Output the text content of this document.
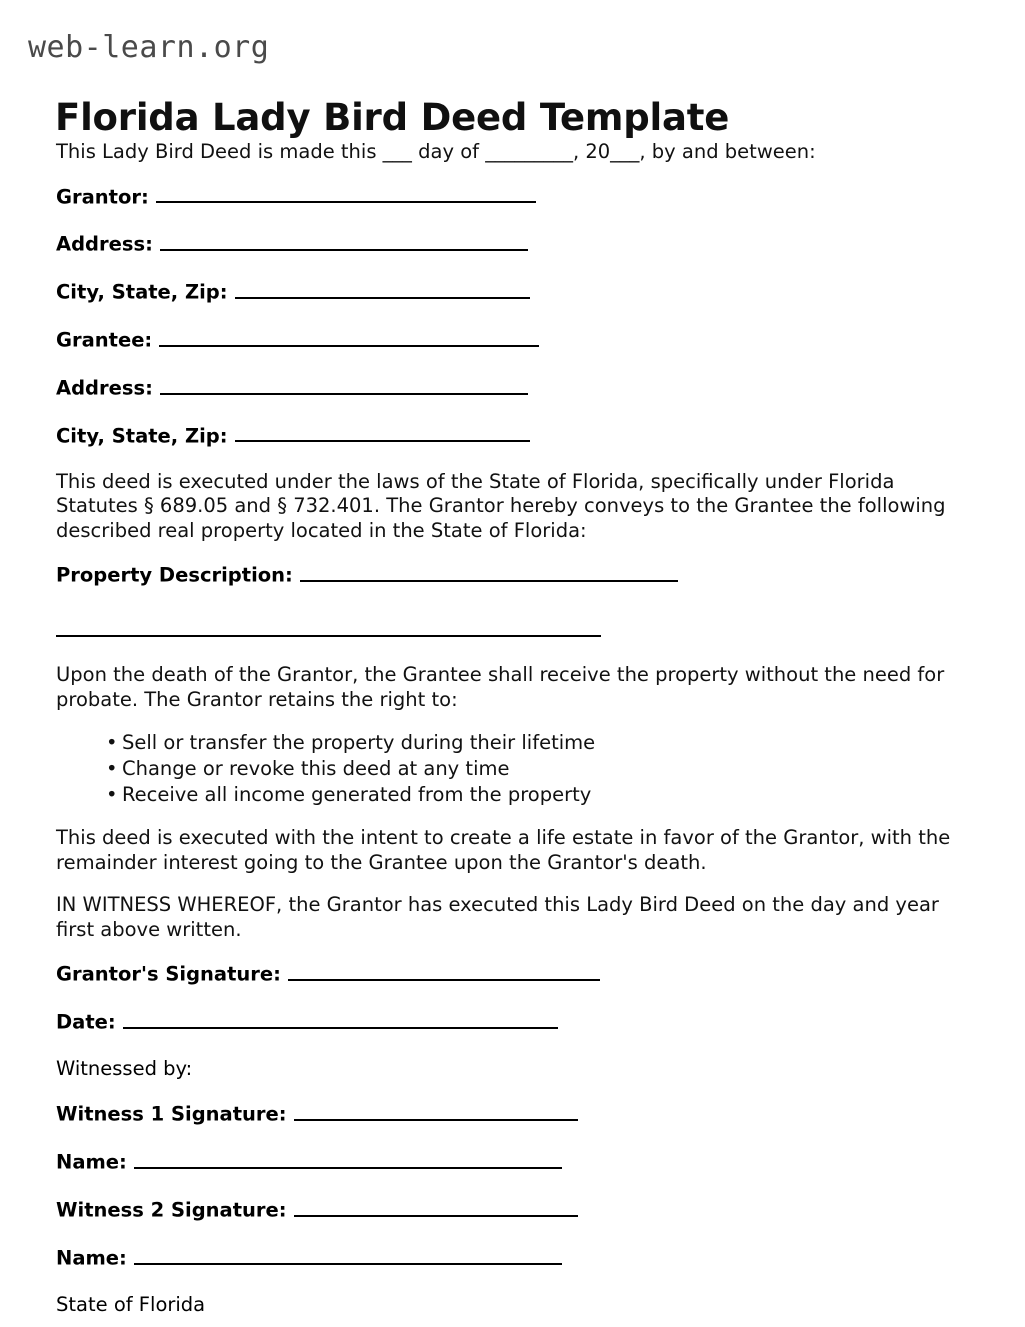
web-learn.org
Florida Lady Bird Deed Template

This Lady Bird Deed is made this ___ day of _________, 20___, by and between:

Grantor:
Address:
City, State, Zip:
Grantee:
Address:
City, State, Zip:

This deed is executed under the laws of the State of Florida, specifically under Florida Statutes § 689.05 and § 732.401. The Grantor hereby conveys to the Grantee the following described real property located in the State of Florida:

Property Description:

Upon the death of the Grantor, the Grantee shall receive the property without the need for probate. The Grantor retains the right to:

• Sell or transfer the property during their lifetime
• Change or revoke this deed at any time
• Receive all income generated from the property

This deed is executed with the intent to create a life estate in favor of the Grantor, with the remainder interest going to the Grantee upon the Grantor's death.

IN WITNESS WHEREOF, the Grantor has executed this Lady Bird Deed on the day and year first above written.

Grantor's Signature:
Date:

Witnessed by:

Witness 1 Signature:
Name:
Witness 2 Signature:
Name:

State of Florida
